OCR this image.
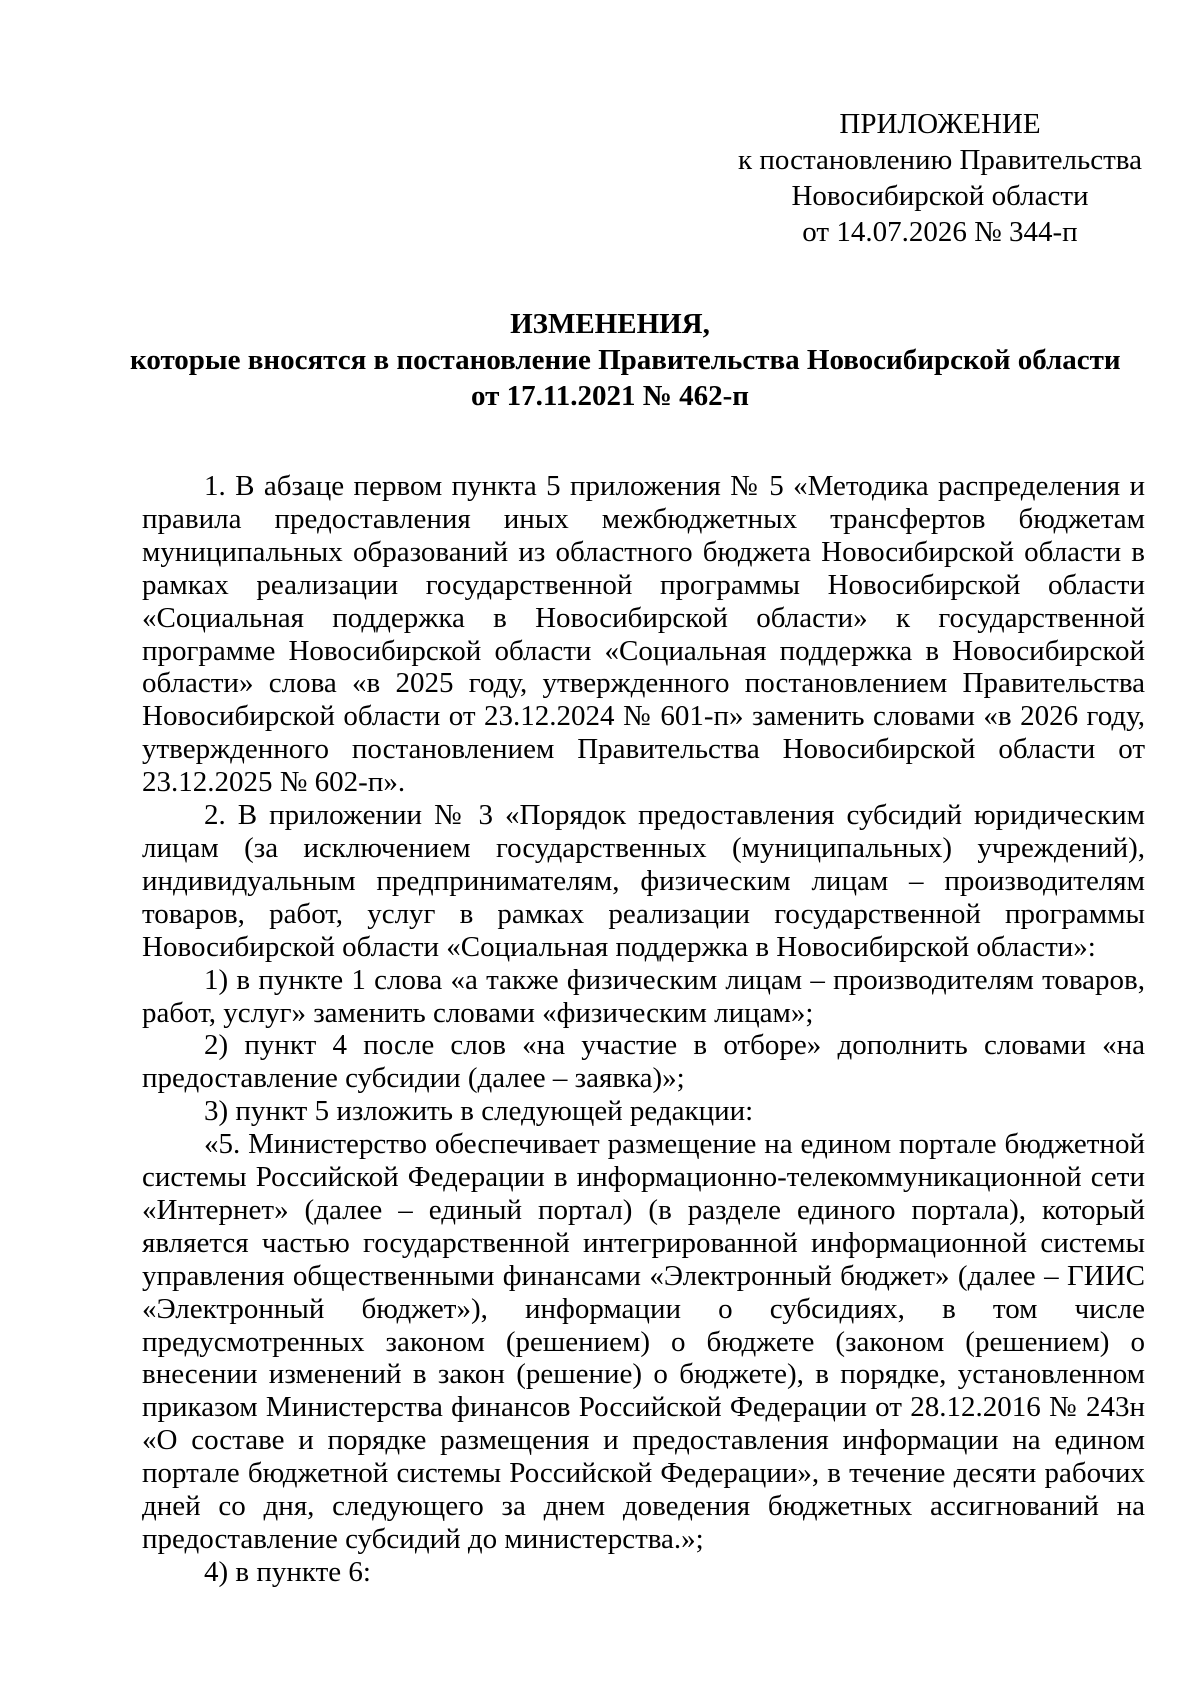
ПРИЛОЖЕНИЕ
к постановлению Правительства
Новосибирской области
от 14.07.2026 № 344-п
ИЗМЕНЕНИЯ,
которые вносятся в постановление Правительства Новосибирской области
от 17.11.2021 № 462-п

1. В абзаце первом пункта 5 приложения № 5 «Методика распределения и правила предоставления иных межбюджетных трансфертов бюджетам муниципальных образований из областного бюджета Новосибирской области в рамках реализации государственной программы Новосибирской области «Социальная поддержка в Новосибирской области» к государственной программе Новосибирской области «Социальная поддержка в Новосибирской области» слова «в 2025 году, утвержденного постановлением Правительства Новосибирской области от 23.12.2024 № 601-п» заменить словами «в 2026 году, утвержденного постановлением Правительства Новосибирской области от 23.12.2025 № 602-п».

2. В приложении № 3 «Порядок предоставления субсидий юридическим лицам (за исключением государственных (муниципальных) учреждений), индивидуальным предпринимателям, физическим лицам – производителям товаров, работ, услуг в рамках реализации государственной программы Новосибирской области «Социальная поддержка в Новосибирской области»:

1) в пункте 1 слова «а также физическим лицам – производителям товаров, работ, услуг» заменить словами «физическим лицам»;

2) пункт 4 после слов «на участие в отборе» дополнить словами «на предоставление субсидии (далее – заявка)»;

3) пункт 5 изложить в следующей редакции:

«5. Министерство обеспечивает размещение на едином портале бюджетной системы Российской Федерации в информационно-телекоммуникационной сети «Интернет» (далее – единый портал) (в разделе единого портала), который является частью государственной интегрированной информационной системы управления общественными финансами «Электронный бюджет» (далее – ГИИС «Электронный бюджет»), информации о субсидиях, в том числе предусмотренных законом (решением) о бюджете (законом (решением) о внесении изменений в закон (решение) о бюджете), в порядке, установленном приказом Министерства финансов Российской Федерации от 28.12.2016 № 243н «О составе и порядке размещения и предоставления информации на едином портале бюджетной системы Российской Федерации», в течение десяти рабочих дней со дня, следующего за днем доведения бюджетных ассигнований на предоставление субсидий до министерства.»;

4) в пункте 6:
